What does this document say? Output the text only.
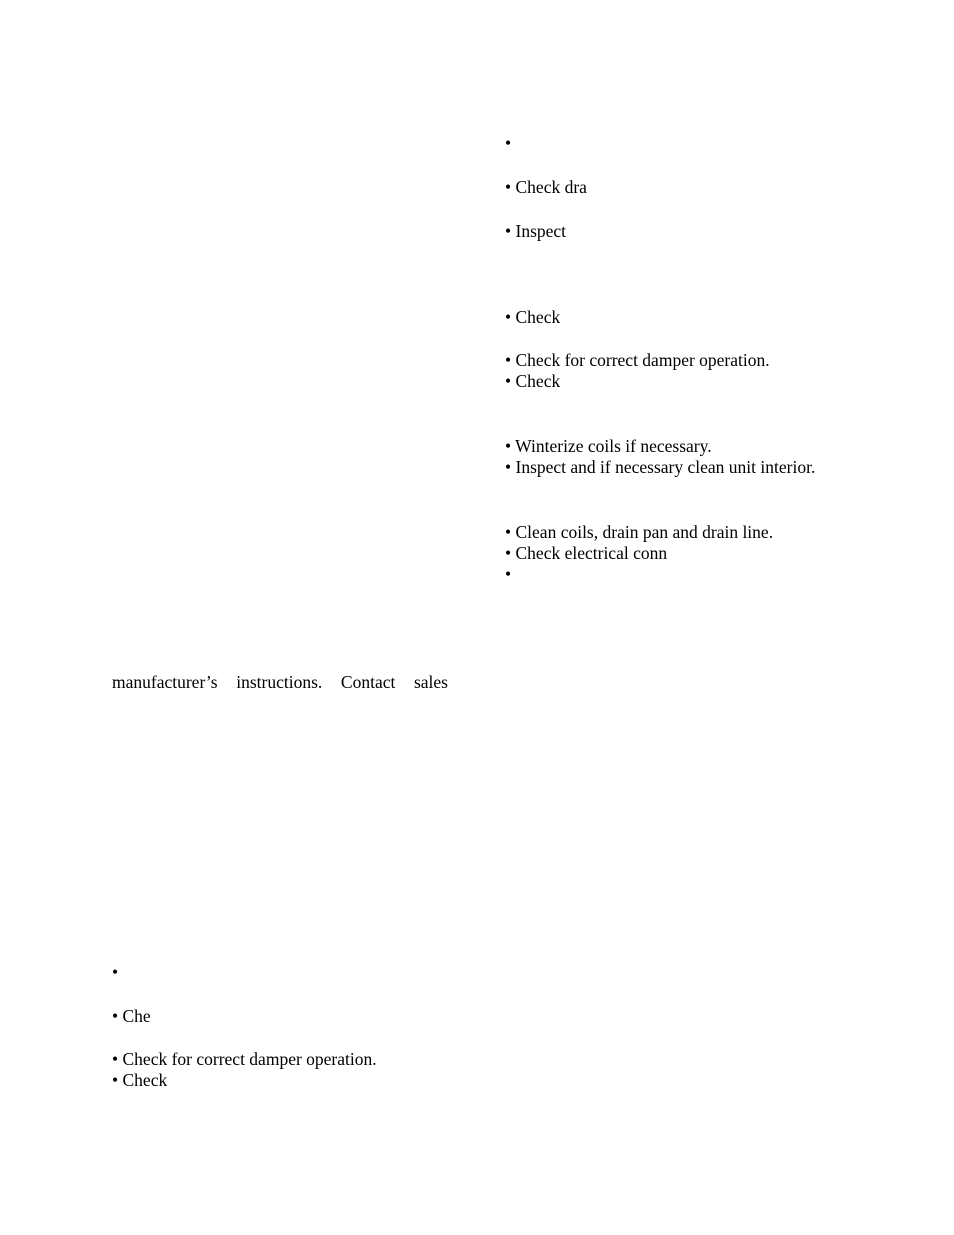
•
• Check dra
• Inspect
• Check
• Check for correct damper operation.
• Check
• Winterize coils if necessary.
• Inspect and if necessary clean unit interior.
• Clean coils, drain pan and drain line.
• Check electrical conn
•
manufacturer’s instructions. Contact sales
•
• Che
• Check for correct damper operation.
• Check
